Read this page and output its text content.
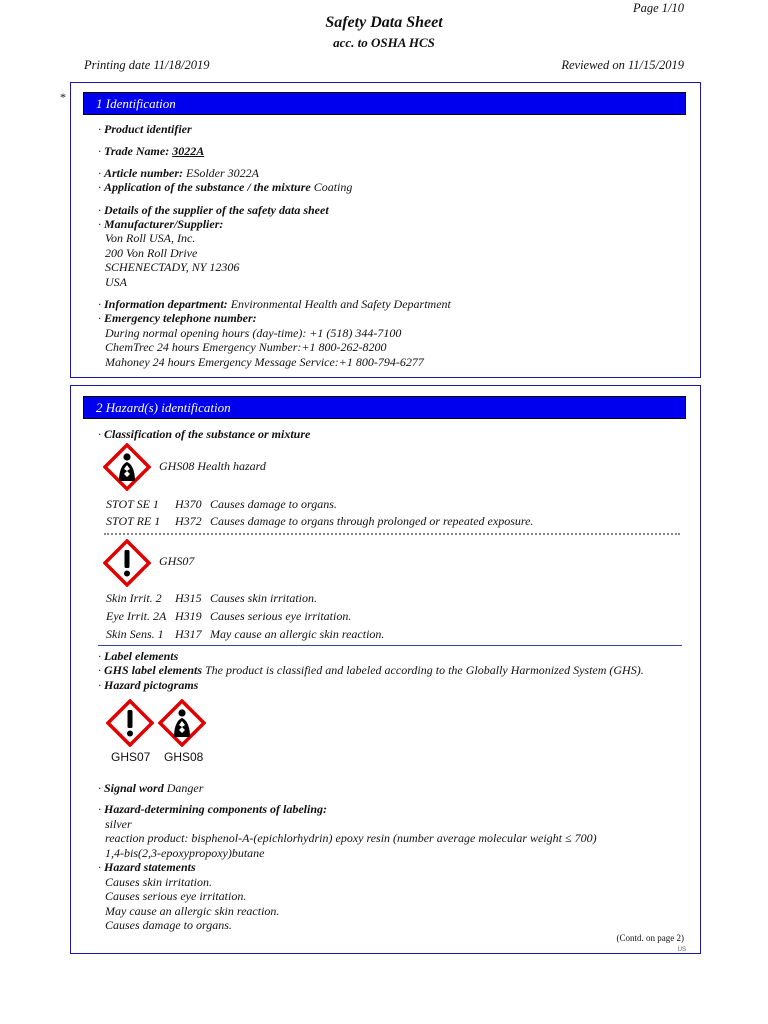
Page 1/10
Safety Data Sheet
acc. to OSHA HCS
Printing date 11/18/2019	Reviewed on 11/15/2019
*	1 Identification
· Product identifier
· Trade Name: 3022A
· Article number: ESolder 3022A
· Application of the substance / the mixture Coating
· Details of the supplier of the safety data sheet
· Manufacturer/Supplier:
Von Roll USA, Inc.
200 Von Roll Drive
SCHENECTADY, NY 12306
USA
· Information department: Environmental Health and Safety Department
· Emergency telephone number:
During normal opening hours (day-time): +1 (518) 344-7100
ChemTrec 24 hours Emergency Number:+1 800-262-8200
Mahoney 24 hours Emergency Message Service:+1 800-794-6277
2 Hazard(s) identification
· Classification of the substance or mixture
GHS08 Health hazard
STOT SE 1 H370 Causes damage to organs.
STOT RE 1 H372 Causes damage to organs through prolonged or repeated exposure.
GHS07
Skin Irrit. 2 H315 Causes skin irritation.
Eye Irrit. 2A H319 Causes serious eye irritation.
Skin Sens. 1 H317 May cause an allergic skin reaction.
· Label elements
· GHS label elements The product is classified and labeled according to the Globally Harmonized System (GHS).
· Hazard pictograms
GHS07 GHS08
· Signal word Danger
· Hazard-determining components of labeling:
silver
reaction product: bisphenol-A-(epichlorhydrin) epoxy resin (number average molecular weight ≤ 700)
1,4-bis(2,3-epoxypropoxy)butane
· Hazard statements
Causes skin irritation.
Causes serious eye irritation.
May cause an allergic skin reaction.
Causes damage to organs.
(Contd. on page 2)
US
